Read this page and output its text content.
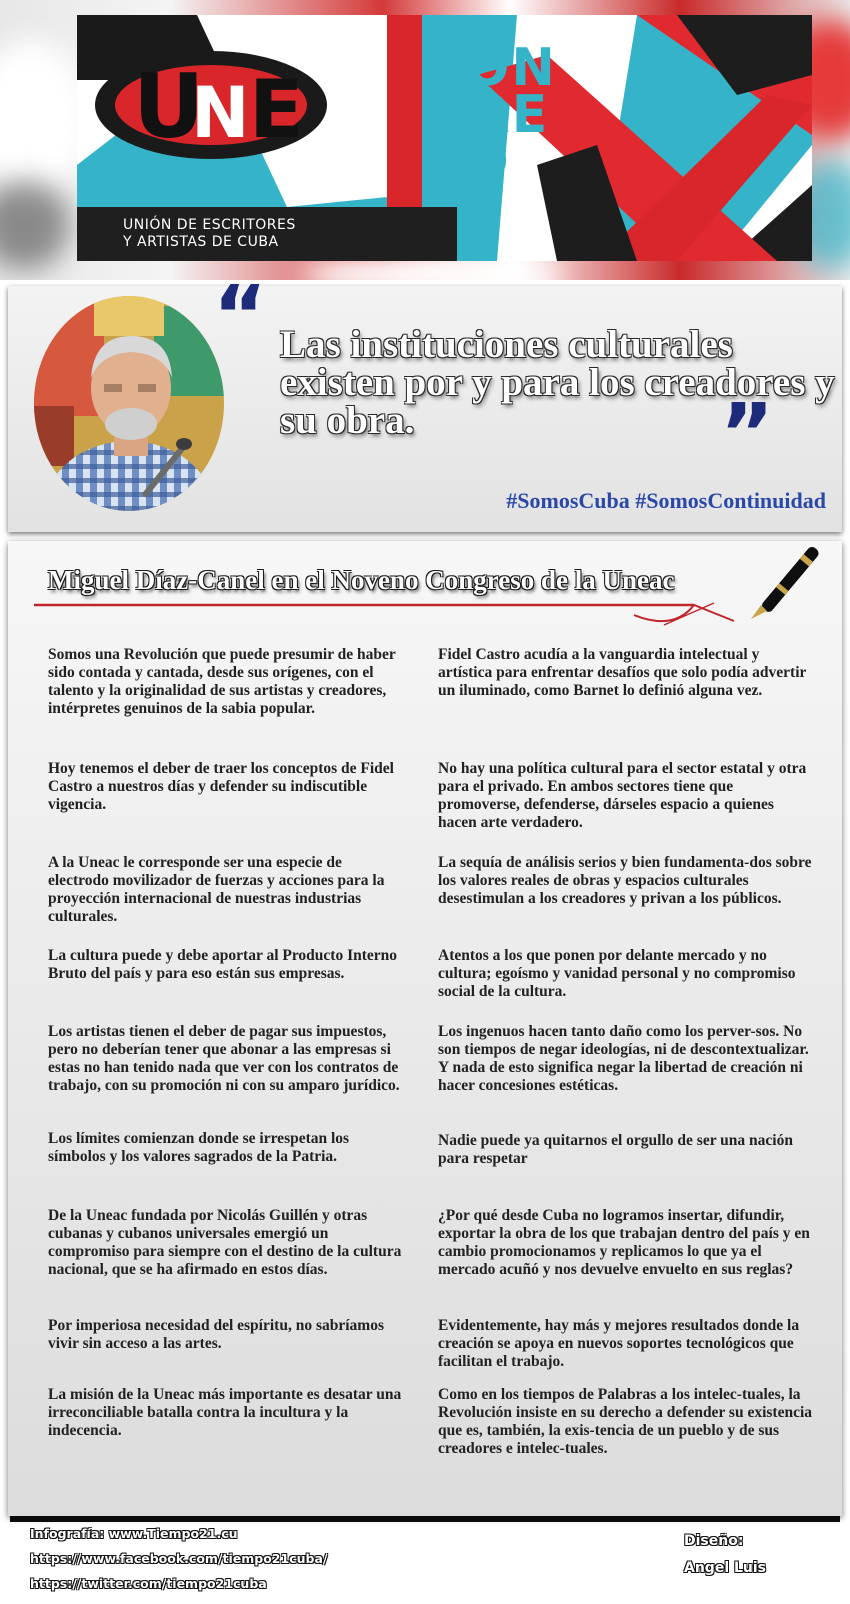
U
N E CON
GRE
SO
UNIÓN DE ESCRITORES
Y ARTISTAS DE CUBA
“ Las instituciones culturales existen por y para los creadores y su obra.	”
#SomosCuba #SomosContinuidad
Miguel Díaz-Canel en el Noveno Congreso de la Uneac

Somos una Revolución que puede presumir de haber sido contada y cantada, desde sus orígenes, con el talento y la originalidad de sus artistas y creadores, intérpretes genuinos de la sabia popular.

Hoy tenemos el deber de traer los conceptos de Fidel Castro a nuestros días y defender su indiscutible vigencia.

A la Uneac le corresponde ser una especie de electrodo movilizador de fuerzas y acciones para la proyección internacional de nuestras industrias culturales.

La cultura puede y debe aportar al Producto Interno Bruto del país y para eso están sus empresas.

Los artistas tienen el deber de pagar sus impuestos, pero no deberían tener que abonar a las empresas si estas no han tenido nada que ver con los contratos de trabajo, con su promoción ni con su amparo jurídico.

Los límites comienzan donde se irrespetan los símbolos y los valores sagrados de la Patria.

De la Uneac fundada por Nicolás Guillén y otras cubanas y cubanos universales emergió un compromiso para siempre con el destino de la cultura nacional, que se ha afirmado en estos días.

Por imperiosa necesidad del espíritu, no sabríamos vivir sin acceso a las artes.

La misión de la Uneac más importante es desatar una irreconciliable batalla contra la incultura y la indecencia.

Fidel Castro acudía a la vanguardia intelectual y artística para enfrentar desafíos que solo podía advertir un iluminado, como Barnet lo definió alguna vez.

No hay una política cultural para el sector estatal y otra para el privado. En ambos sectores tiene que promoverse, defenderse, dárseles espacio a quienes hacen arte verdadero.

La sequía de análisis serios y bien fundamenta-dos sobre los valores reales de obras y espacios culturales desestimulan a los creadores y privan a los públicos.

Atentos a los que ponen por delante mercado y no cultura; egoísmo y vanidad personal y no compromiso social de la cultura.

Los ingenuos hacen tanto daño como los perver-sos. No son tiempos de negar ideologías, ni de descontextualizar. Y nada de esto significa negar la libertad de creación ni hacer concesiones estéticas.

Nadie puede ya quitarnos el orgullo de ser una nación para respetar

¿Por qué desde Cuba no logramos insertar, difundir, exportar la obra de los que trabajan dentro del país y en cambio promocionamos y replicamos lo que ya el mercado acuñó y nos devuelve envuelto en sus reglas?

Evidentemente, hay más y mejores resultados donde la creación se apoya en nuevos soportes tecnológicos que facilitan el trabajo.

Como en los tiempos de Palabras a los intelec-tuales, la Revolución insiste en su derecho a defender su existencia que es, también, la exis-tencia de un pueblo y de sus creadores e intelec-tuales.

Infografía: www.Tiempo21.cu
https://www.facebook.com/tiempo21cuba/
https://twitter.com/tiempo21cuba
Diseño:
Angel Luis
